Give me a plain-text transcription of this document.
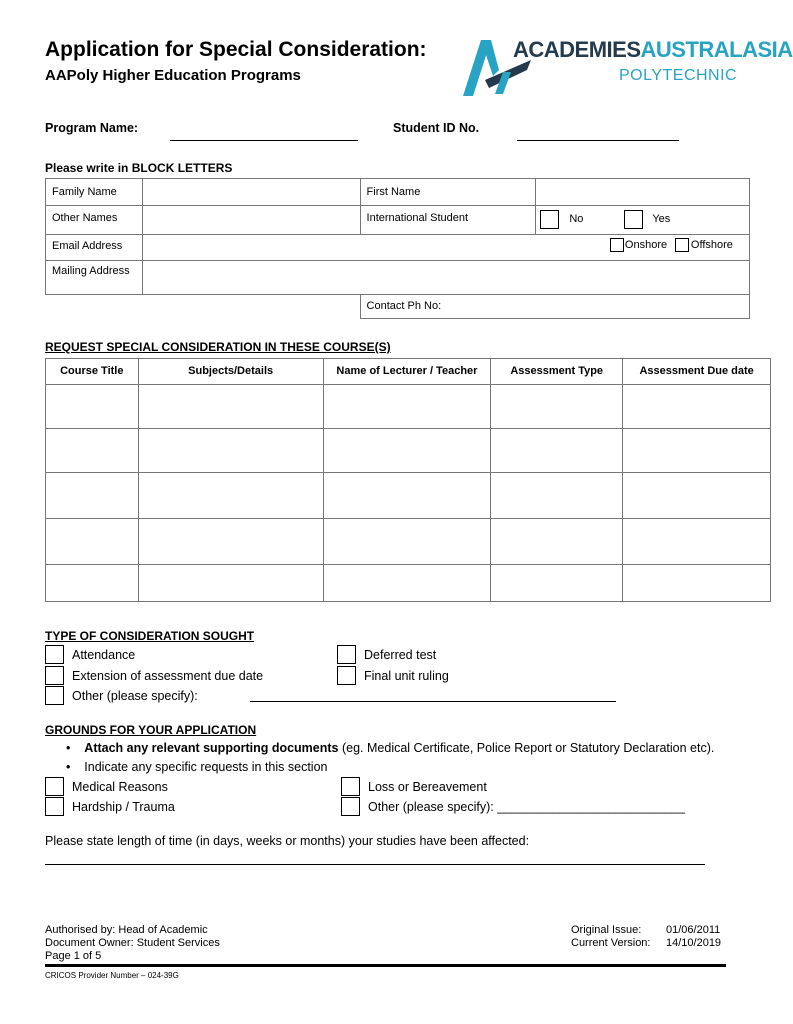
Application for Special Consideration:
AAPoly Higher Education Programs
ACADEMIESAUSTRALASIA
POLYTECHNIC
Program Name:	Student ID No.
Please write in BLOCK LETTERS
Family Name		First Name	
Other Names		International Student	No Yes

Email Address	Onshore Offshore		

Mailing Address			
		Contact Ph No:	
REQUEST SPECIAL CONSIDERATION IN THESE COURSE(S)
Course Title	Subjects/Details	Name of Lecturer / Teacher	Assessment Type	Assessment Due date

TYPE OF CONSIDERATION SOUGHT
Attendance
Extension of assessment due date
Other (please specify):
Deferred test
Final unit ruling
GROUNDS FOR YOUR APPLICATION
• Attach any relevant supporting documents (eg. Medical Certificate, Police Report or Statutory Declaration etc).
• Indicate any specific requests in this section
Medical Reasons
Hardship / Trauma
Loss or Bereavement
Other (please specify): ___________________________
Please state length of time (in days, weeks or months) your studies have been affected:
Authorised by: Head of Academic
Document Owner: Student Services
Page 1 of 5
Original Issue: 01/06/2011
Current Version: 14/10/2019
CRICOS Provider Number – 024-39G
